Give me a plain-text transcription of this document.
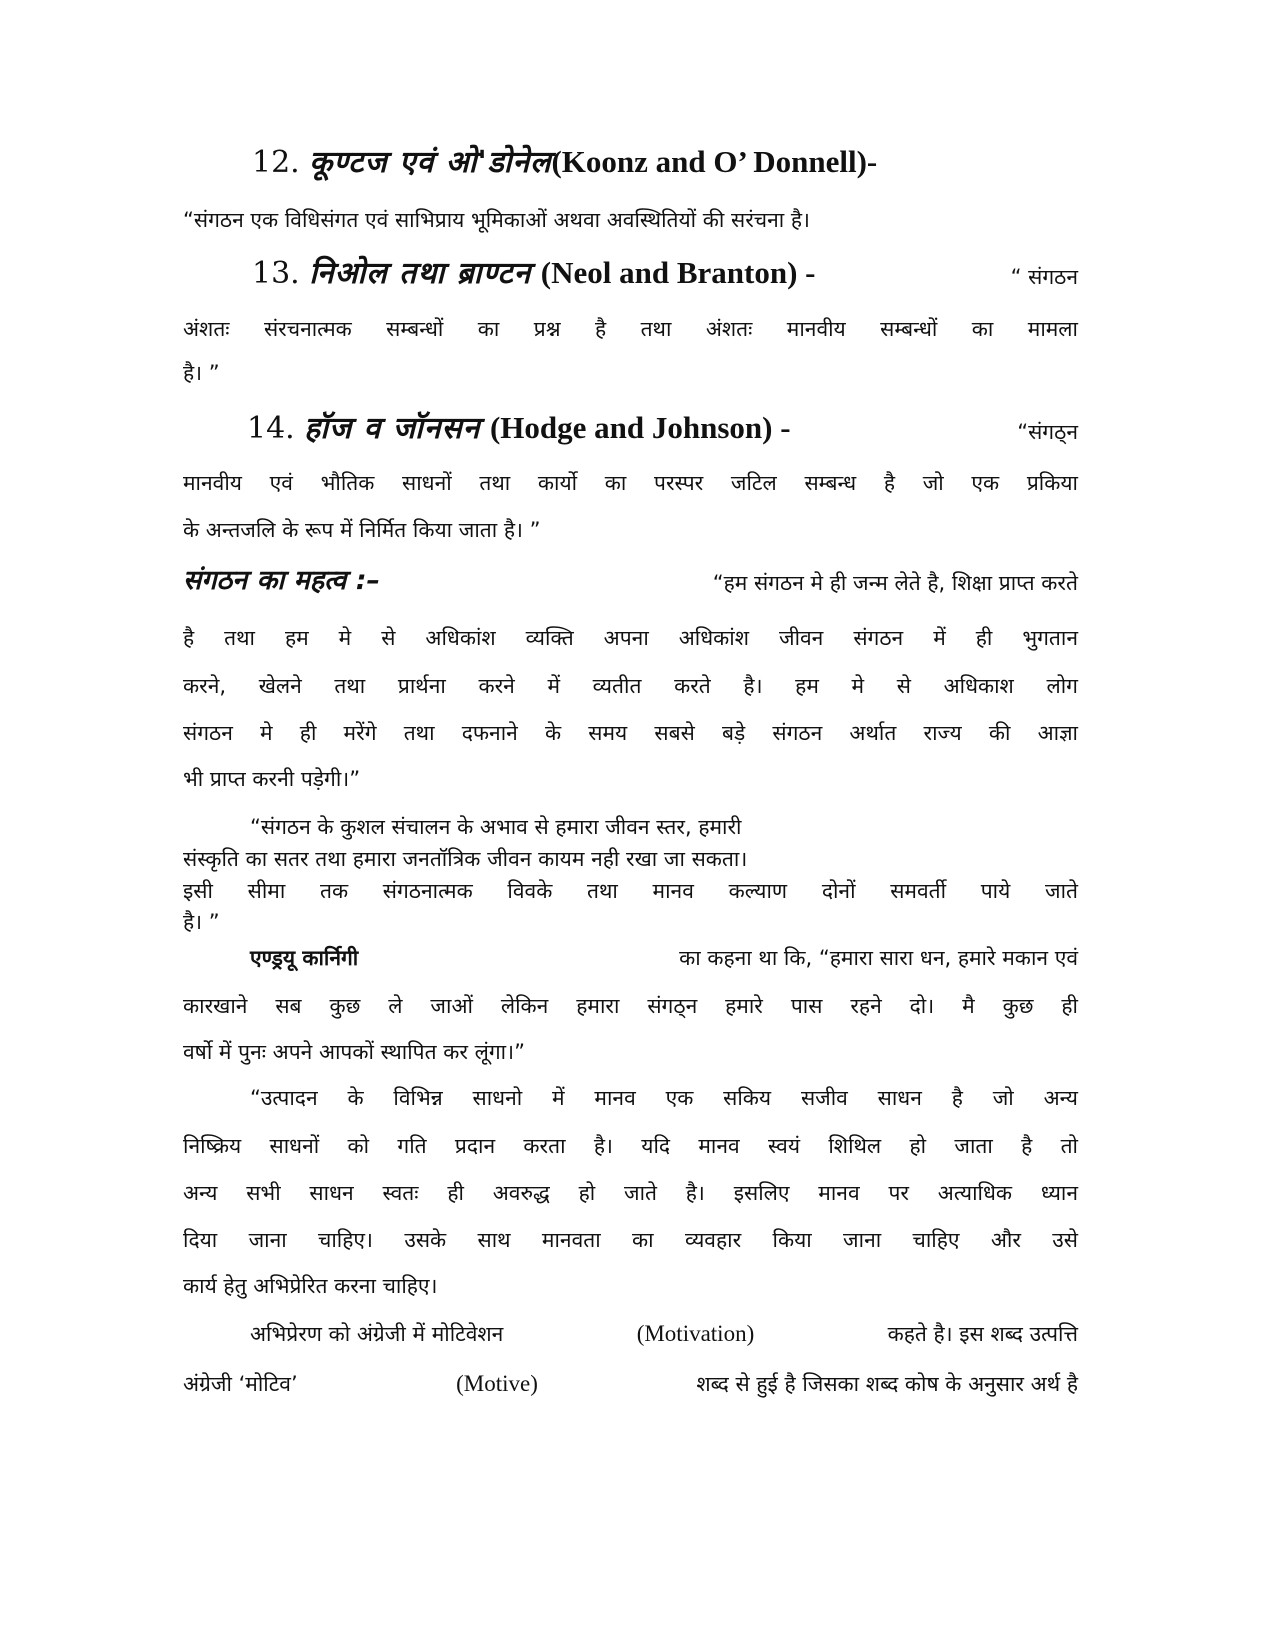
12. कूण्टज एवं ओ'डोनेल(Koonz and O’ Donnell)-
“संगठन एक विधिसंगत एवं साभिप्राय भूमिकाओं अथवा अवस्थितियों की सरंचना है।
13. निओल तथा ब्राण्टन (Neol and Branton) -	“ संगठन
अंशतः संरचनात्मक सम्बन्धों का प्रश्न है तथा अंशतः मानवीय सम्बन्धों का मामला
है। ”
14. हॉज व जॉनसन (Hodge and Johnson) -	“संगठ्न
मानवीय एवं भौतिक साधनों तथा कार्यो का परस्पर जटिल सम्बन्ध है जो एक प्रकिया
के अन्तजलि के रूप में निर्मित किया जाता है। ”
संगठन का महत्व :–	“हम संगठन मे ही जन्म लेते है, शिक्षा प्राप्त करते
है तथा हम मे से अधिकांश व्यक्ति अपना अधिकांश जीवन संगठन में ही भुगतान
करने, खेलने तथा प्रार्थना करने में व्यतीत करते है। हम मे से अधिकाश लोग
संगठन मे ही मरेंगे तथा दफनाने के समय सबसे बड़े संगठन अर्थात राज्य की आज्ञा
भी प्राप्त करनी पड़ेगी।”
“संगठन के कुशल संचालन के अभाव से हमारा जीवन स्तर, हमारी
संस्कृति का सतर तथा हमारा जनतॉत्रिक जीवन कायम नही रखा जा सकता।
इसी सीमा तक संगठनात्मक विवके तथा मानव कल्याण दोनों समवर्ती पाये जाते
है। ”
एण्ड्रयू कार्निगी	का कहना था कि, “हमारा सारा धन, हमारे मकान एवं
कारखाने सब कुछ ले जाओं लेकिन हमारा संगठ्न हमारे पास रहने दो। मै कुछ ही
वर्षो में पुनः अपने आपकों स्थापित कर लूंगा।”
“उत्पादन के विभिन्न साधनो में मानव एक सकिय सजीव साधन है जो अन्य
निष्क्रिय साधनों को गति प्रदान करता है। यदि मानव स्वयं शिथिल हो जाता है तो
अन्य सभी साधन स्वतः ही अवरुद्ध हो जाते है। इसलिए मानव पर अत्याधिक ध्यान
दिया जाना चाहिए। उसके साथ मानवता का व्यवहार किया जाना चाहिए और उसे
कार्य हेतु अभिप्रेरित करना चाहिए।
अभिप्रेरण को अंग्रेजी में मोटिवेशन	(Motivation)	कहते है। इस शब्द उत्पत्ति
अंग्रेजी ‘मोटिव’	(Motive)	शब्द से हुई है जिसका शब्द कोष के अनुसार अर्थ है
